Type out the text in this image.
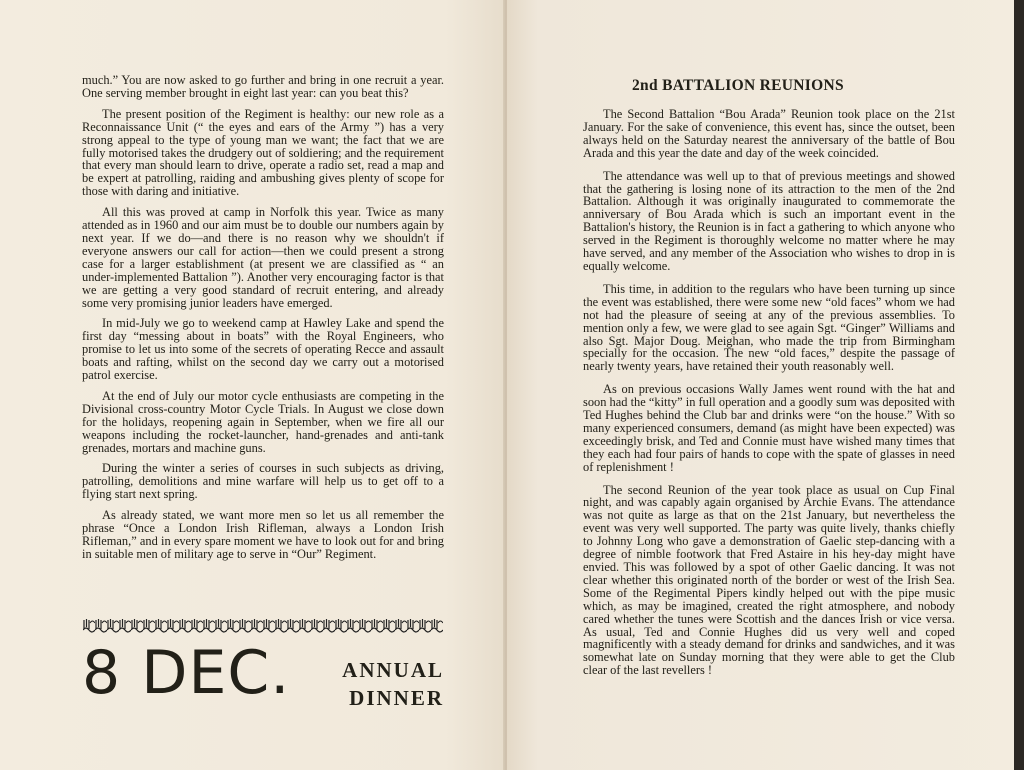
much.” You are now asked to go further and bring in one recruit a year. One serving member brought in eight last year: can you beat this?

The present position of the Regiment is healthy: our new role as a Reconnaissance Unit (“ the eyes and ears of the Army ”) has a very strong appeal to the type of young man we want; the fact that we are fully motorised takes the drudgery out of soldiering; and the requirement that every man should learn to drive, operate a radio set, read a map and be expert at patrolling, raiding and ambushing gives plenty of scope for those with daring and initiative.

All this was proved at camp in Norfolk this year. Twice as many attended as in 1960 and our aim must be to double our numbers again by next year. If we do—and there is no reason why we shouldn't if everyone answers our call for action—then we could present a strong case for a larger establishment (at present we are classified as “ an under-implemented Battalion ”). Another very encouraging factor is that we are getting a very good standard of recruit entering, and already some very promising junior leaders have emerged.

In mid-July we go to weekend camp at Hawley Lake and spend the first day “messing about in boats” with the Royal Engineers, who promise to let us into some of the secrets of operating Recce and assault boats and rafting, whilst on the second day we carry out a motorised patrol exercise.

At the end of July our motor cycle enthusiasts are competing in the Divisional cross-country Motor Cycle Trials. In August we close down for the holidays, reopening again in September, when we fire all our weapons including the rocket-launcher, hand-grenades and anti-tank grenades, mortars and machine guns.

During the winter a series of courses in such subjects as driving, patrolling, demolitions and mine warfare will help us to get off to a flying start next spring.

As already stated, we want more men so let us all remember the phrase “Once a London Irish Rifleman, always a London Irish Rifleman,” and in every spare moment we have to look out for and bring in suitable men of military age to serve in “Our” Regiment.

8 DEC.	ANNUAL
DINNER
2nd BATTALION REUNIONS

The Second Battalion “Bou Arada” Reunion took place on the 21st January. For the sake of convenience, this event has, since the outset, been always held on the Saturday nearest the anniversary of the battle of Bou Arada and this year the date and day of the week coincided.

The attendance was well up to that of previous meetings and showed that the gathering is losing none of its attraction to the men of the 2nd Battalion. Although it was originally inaugurated to commemorate the anniversary of Bou Arada which is such an important event in the Battalion's history, the Reunion is in fact a gathering to which anyone who served in the Regiment is thoroughly welcome no matter where he may have served, and any member of the Association who wishes to drop in is equally welcome.

This time, in addition to the regulars who have been turning up since the event was established, there were some new “old faces” whom we had not had the pleasure of seeing at any of the previous assemblies. To mention only a few, we were glad to see again Sgt. “Ginger” Williams and also Sgt. Major Doug. Meighan, who made the trip from Birmingham specially for the occasion. The new “old faces,” despite the passage of nearly twenty years, have retained their youth reasonably well.

As on previous occasions Wally James went round with the hat and soon had the “kitty” in full operation and a goodly sum was deposited with Ted Hughes behind the Club bar and drinks were “on the house.” With so many experienced consumers, demand (as might have been expected) was exceedingly brisk, and Ted and Connie must have wished many times that they each had four pairs of hands to cope with the spate of glasses in need of replenishment !

The second Reunion of the year took place as usual on Cup Final night, and was capably again organised by Archie Evans. The attendance was not quite as large as that on the 21st January, but nevertheless the event was very well supported. The party was quite lively, thanks chiefly to Johnny Long who gave a demonstration of Gaelic step-dancing with a degree of nimble footwork that Fred Astaire in his hey-day might have envied. This was followed by a spot of other Gaelic dancing. It was not clear whether this originated north of the border or west of the Irish Sea. Some of the Regimental Pipers kindly helped out with the pipe music which, as may be imagined, created the right atmosphere, and nobody cared whether the tunes were Scottish and the dances Irish or vice versa. As usual, Ted and Connie Hughes did us very well and coped magnificently with a steady demand for drinks and sandwiches, and it was somewhat late on Sunday morning that they were able to get the Club clear of the last revellers !
